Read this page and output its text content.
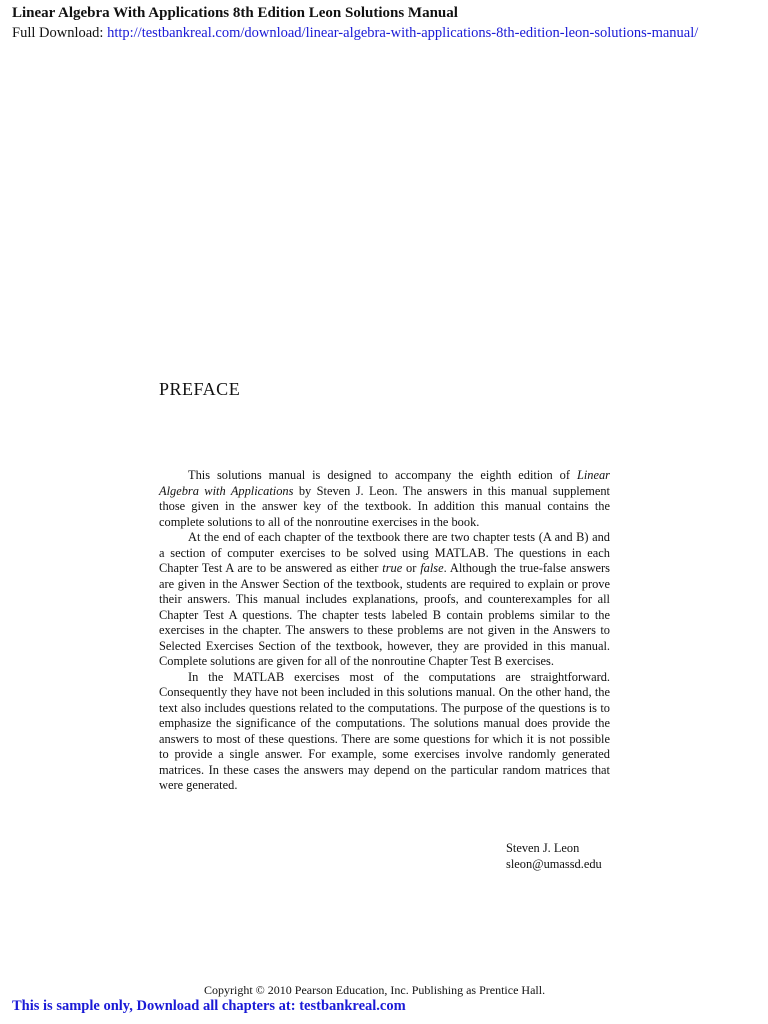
Linear Algebra With Applications 8th Edition Leon Solutions Manual
Full Download: http://testbankreal.com/download/linear-algebra-with-applications-8th-edition-leon-solutions-manual/
PREFACE

This solutions manual is designed to accompany the eighth edition of Linear Algebra with Applications by Steven J. Leon. The answers in this manual supplement those given in the answer key of the textbook. In addition this manual contains the complete solutions to all of the nonroutine exercises in the book.

At the end of each chapter of the textbook there are two chapter tests (A and B) and a section of computer exercises to be solved using MATLAB. The questions in each Chapter Test A are to be answered as either true or false. Although the true-false answers are given in the Answer Section of the textbook, students are required to explain or prove their answers. This manual includes explanations, proofs, and counterexamples for all Chapter Test A questions. The chapter tests labeled B contain problems similar to the exercises in the chapter. The answers to these problems are not given in the Answers to Selected Exercises Section of the textbook, however, they are provided in this manual. Complete solutions are given for all of the nonroutine Chapter Test B exercises.

In the MATLAB exercises most of the computations are straightforward. Consequently they have not been included in this solutions manual. On the other hand, the text also includes questions related to the computations. The purpose of the questions is to emphasize the significance of the computations. The solutions manual does provide the answers to most of these questions. There are some questions for which it is not possible to provide a single answer. For example, some exercises involve randomly generated matrices. In these cases the answers may depend on the particular random matrices that were generated.

Steven J. Leon
sleon@umassd.edu
Copyright © 2010 Pearson Education, Inc. Publishing as Prentice Hall.
This is sample only, Download all chapters at: testbankreal.com
